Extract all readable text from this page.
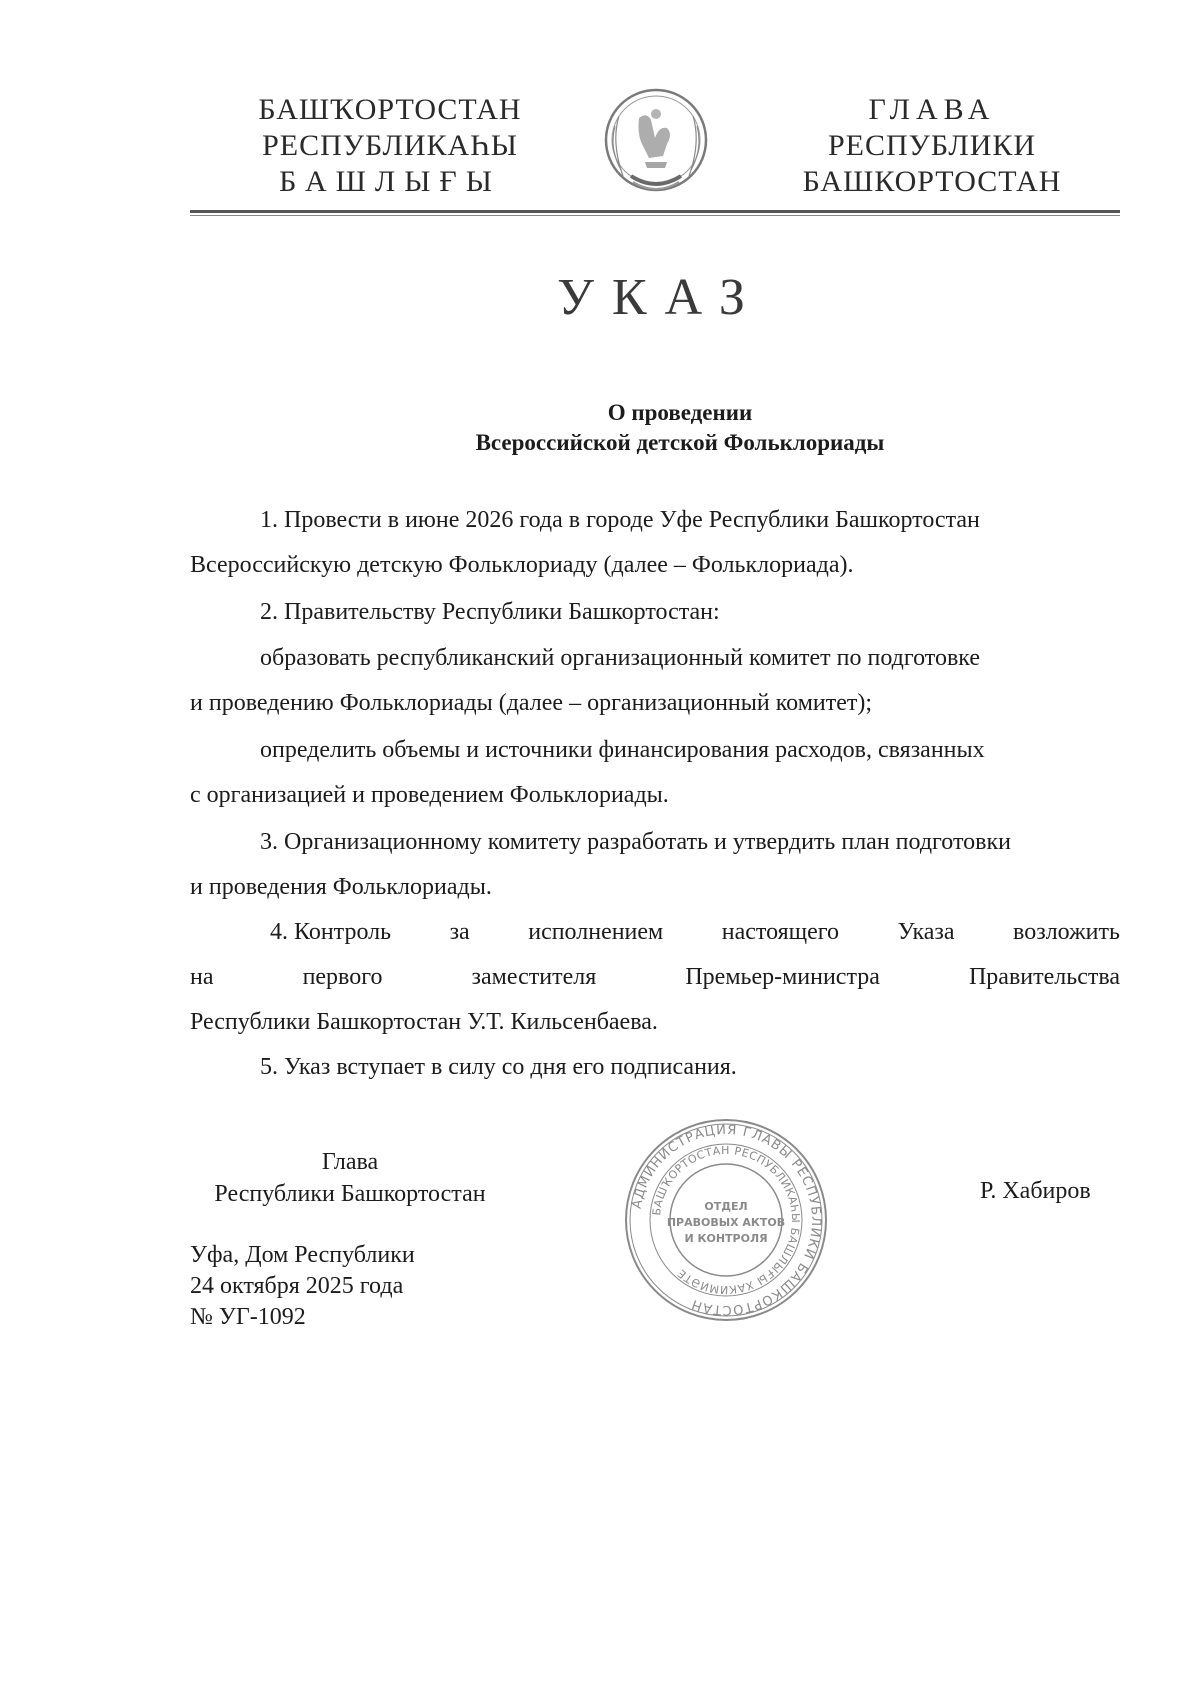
БАШҠОРТОСТАН
РЕСПУБЛИКАҺЫ
БАШЛЫҒЫ
ГЛАВА
РЕСПУБЛИКИ
БАШКОРТОСТАН
УКАЗ
О проведении
Всероссийской детской Фольклориады
1. Провести в июне 2026 года в городе Уфе Республики Башкортостан
Всероссийскую детскую Фольклориаду (далее – Фольклориада).
2. Правительству Республики Башкортостан:
образовать республиканский организационный комитет по подготовке
и проведению Фольклориады (далее – организационный комитет);
определить объемы и источники финансирования расходов, связанных
с организацией и проведением Фольклориады.
3. Организационному комитету разработать и утвердить план подготовки
и проведения Фольклориады.
4. Контроль за исполнением настоящего Указа возложить
на	первого	заместителя	Премьер-министра	Правительства
Республики Башкортостан У.Т. Кильсенбаева.
5. Указ вступает в силу со дня его подписания.
Глава
Республики Башкортостан	АДМИНИСТРАЦИЯ ГЛАВЫ РЕСПУБЛИКИ БАШКОРТОСТАН
БАШҠОРТОСТАН РЕСПУБЛИКАҺЫ БАШЛЫҒЫ ХАКИМИӘТЕ
ОТДЕЛ
ПРАВОВЫХ АКТОВ
И КОНТРОЛЯ
Р. Хабиров
Уфа, Дом Республики
24 октября 2025 года
№ УГ-1092
